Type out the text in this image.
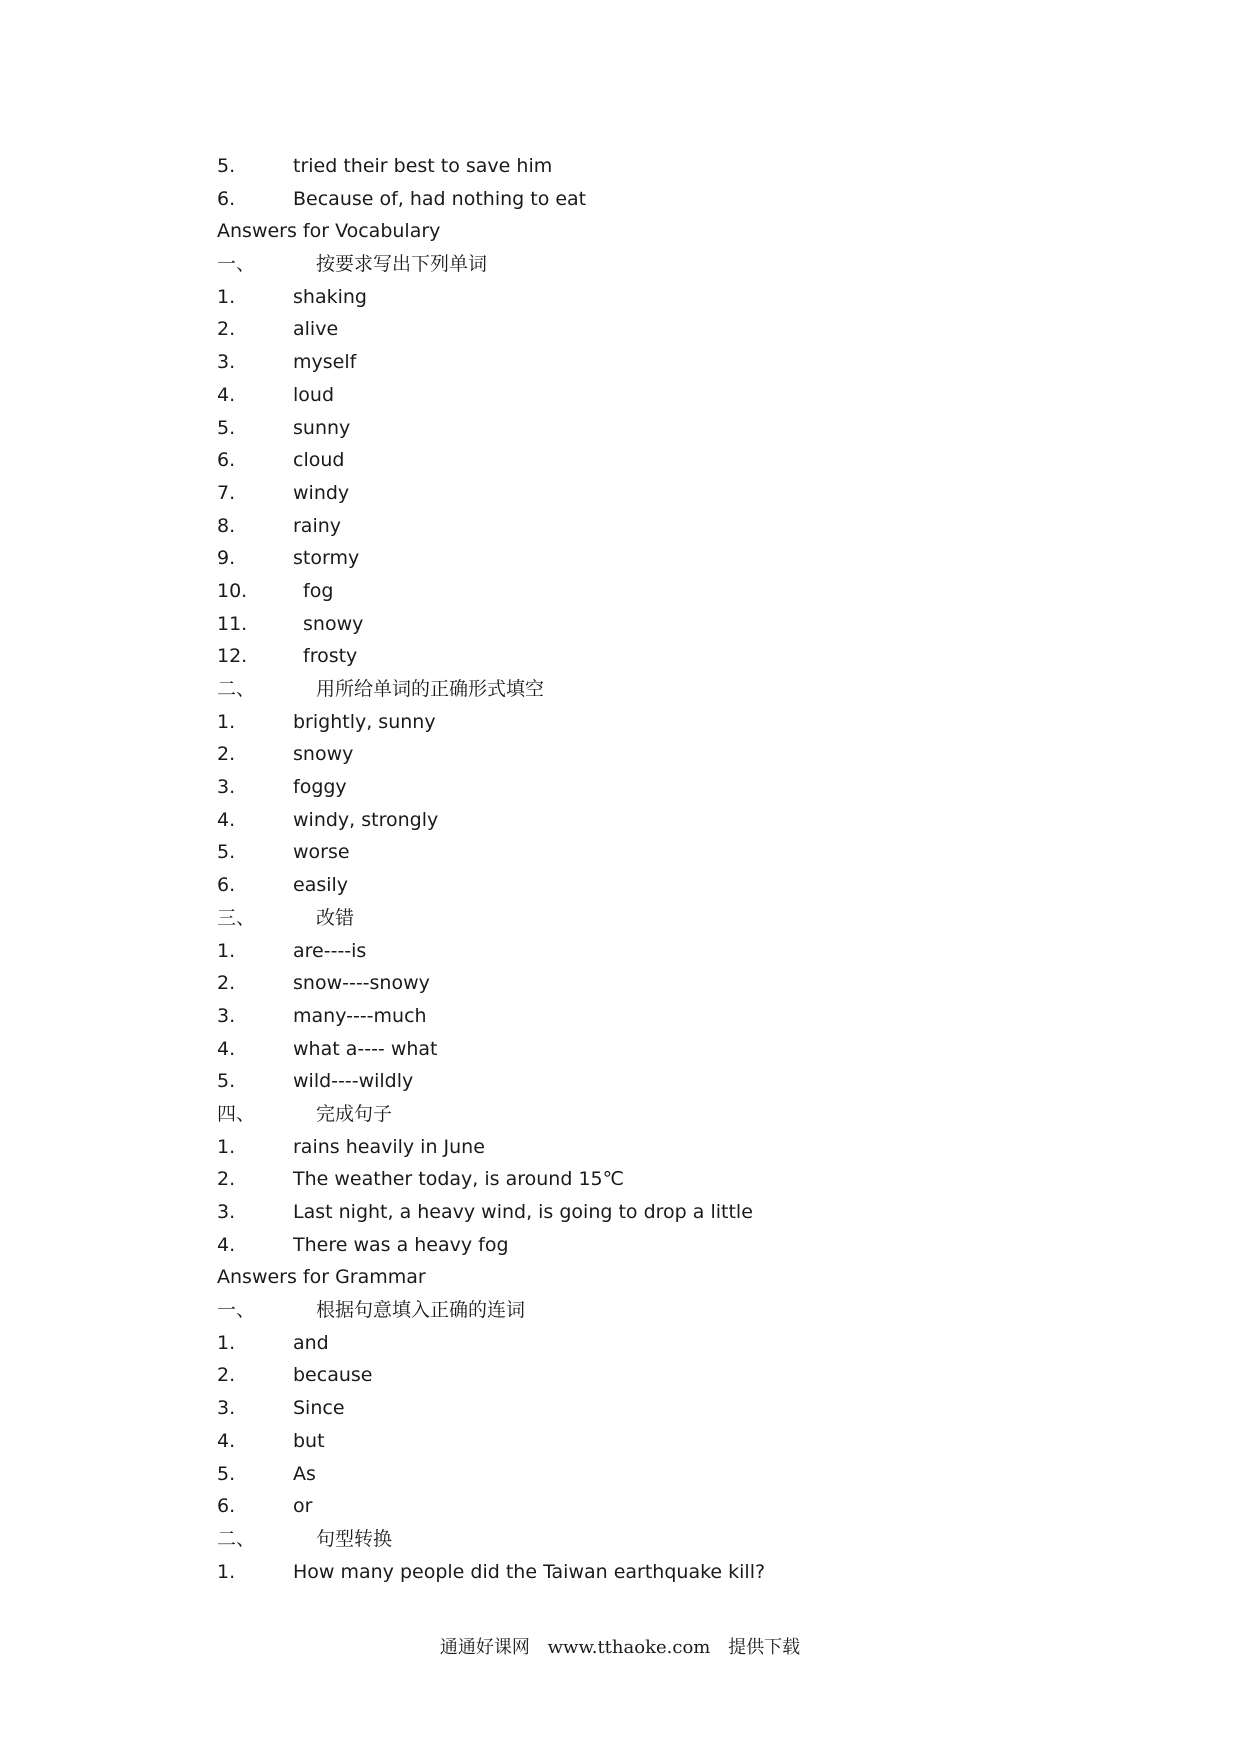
5.	tried their best to save him
6.	Because of, had nothing to eat
Answers for Vocabulary
一、	按要求写出下列单词
1.	shaking
2.	alive
3.	myself
4.	loud
5.	sunny
6.	cloud
7.	windy
8.	rainy
9.	stormy
10.	fog
11.	snowy
12.	frosty
二、	用所给单词的正确形式填空
1.	brightly, sunny
2.	snowy
3.	foggy
4.	windy, strongly
5.	worse
6.	easily
三、	改错
1.	are----is
2.	snow----snowy
3.	many----much
4.	what a---- what
5.	wild----wildly
四、	完成句子
1.	rains heavily in June
2.	The weather today, is around 15℃
3.	Last night, a heavy wind, is going to drop a little
4.	There was a heavy fog
Answers for Grammar
一、	根据句意填入正确的连词
1.	and
2.	because
3.	Since
4.	but
5.	As
6.	or
二、	句型转换
1.	How many people did the Taiwan earthquake kill?
通通好课网 www.tthaoke.com 提供下载
